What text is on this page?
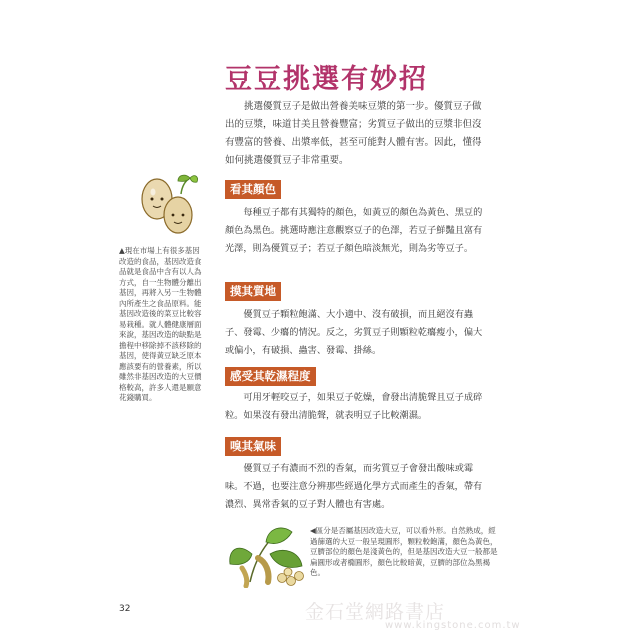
豆豆挑選有妙招

挑選優質豆子是做出營養美味豆漿的第一步。優質豆子做出的豆漿，味道甘美且營養豐富；劣質豆子做出的豆漿非但沒有豐富的營養、出漿率低，甚至可能對人體有害。因此，懂得如何挑選優質豆子非常重要。

看其顏色

每種豆子都有其獨特的顏色，如黃豆的顏色為黃色、黑豆的顏色為黑色。挑選時應注意觀察豆子的色澤，若豆子鮮豔且富有光澤，則為優質豆子；若豆子顏色暗淡無光，則為劣等豆子。

摸其質地

優質豆子顆粒飽滿、大小適中、沒有破損，而且絕沒有蟲子、發霉、少癟的情況。反之，劣質豆子則顆粒乾癟瘦小，偏大或偏小，有破損、蟲害、發霉、掛絲。

感受其乾濕程度

可用牙輕咬豆子，如果豆子乾燥，會發出清脆聲且豆子成碎粒。如果沒有發出清脆聲，就表明豆子比較潮濕。

嗅其氣味

優質豆子有濃而不烈的香氣，而劣質豆子會發出酸味或霉味。不過，也要注意分辨那些經過化學方式而產生的香氣，帶有濃烈、異常香氣的豆子對人體也有害處。

▲現在市場上有很多基因改造的食品，基因改造食品就是食品中含有以人為方式，自一生物體分離出基因，再將入另一生物體內所產生之食品原料。能基因改造後的菜豆比較容易栽種。就人體健康層面來說，基因改造的缺點是擔程中移除掉不該移除的基因，使得黃豆缺乏原本應該要有的營養素，所以雖然非基因改造的大豆價格較高，許多人還是願意花錢購買。

◀區分是否屬基因改造大豆，可以看外形。自然熟成，經過篩選的大豆一般呈現圓形，顆粒較飽滿，顏色為黃色，豆臍部位的顏色是淺黃色的，但是基因改造大豆一般都是扁圓形或者橢圓形，顏色比較暗黃，豆臍的部位為黑褐色。

32	金石堂網路書店
www.kingstone.com.tw
